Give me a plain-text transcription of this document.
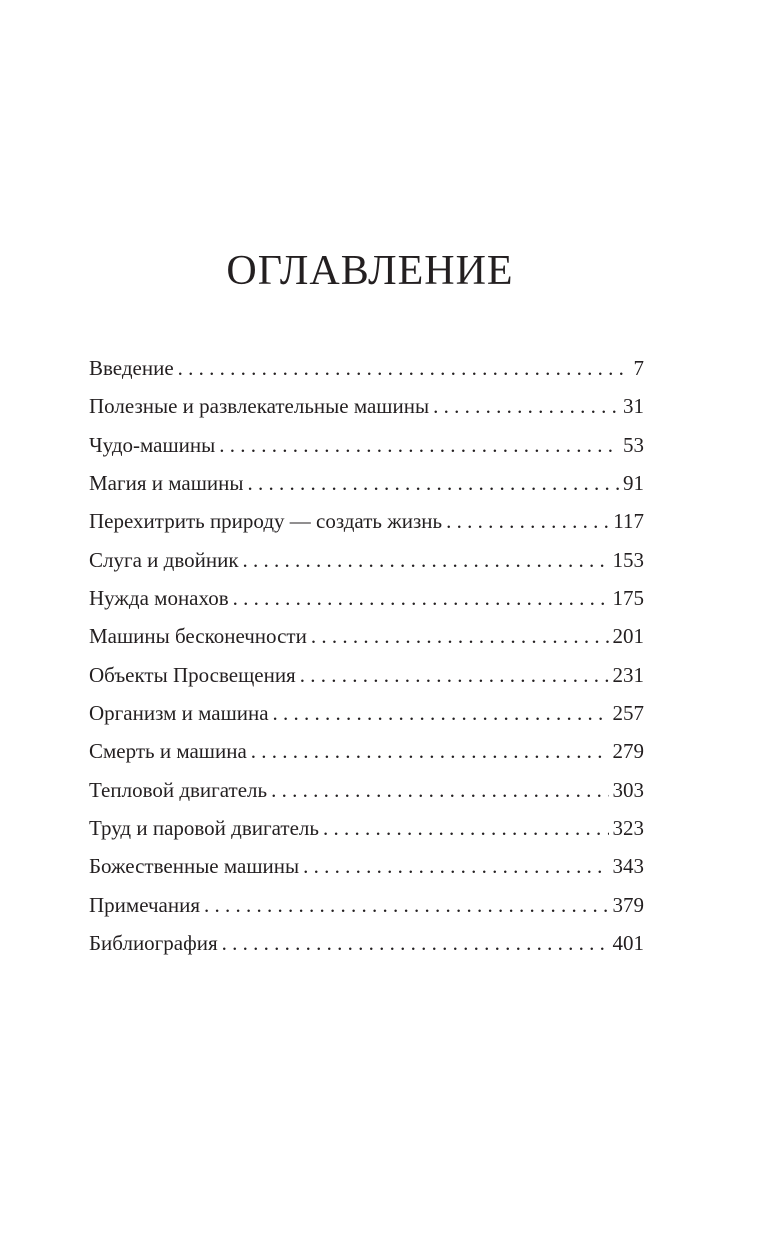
ОГЛАВЛЕНИЕ
Введение . . .	7
Полезные и развлекательные машины . . .	31
Чудо-машины . . .	53
Магия и машины . . .	91
Перехитрить природу — создать жизнь . . .	117
Слуга и двойник . . .	153
Нужда монахов . . .	175
Машины бесконечности . . .	201
Объекты Просвещения . . .	231
Организм и машина . . .	257
Смерть и машина . . .	279
Тепловой двигатель . . .	303
Труд и паровой двигатель . . .	323
Божественные машины . . .	343
Примечания . . .	379
Библиография . . .	401
